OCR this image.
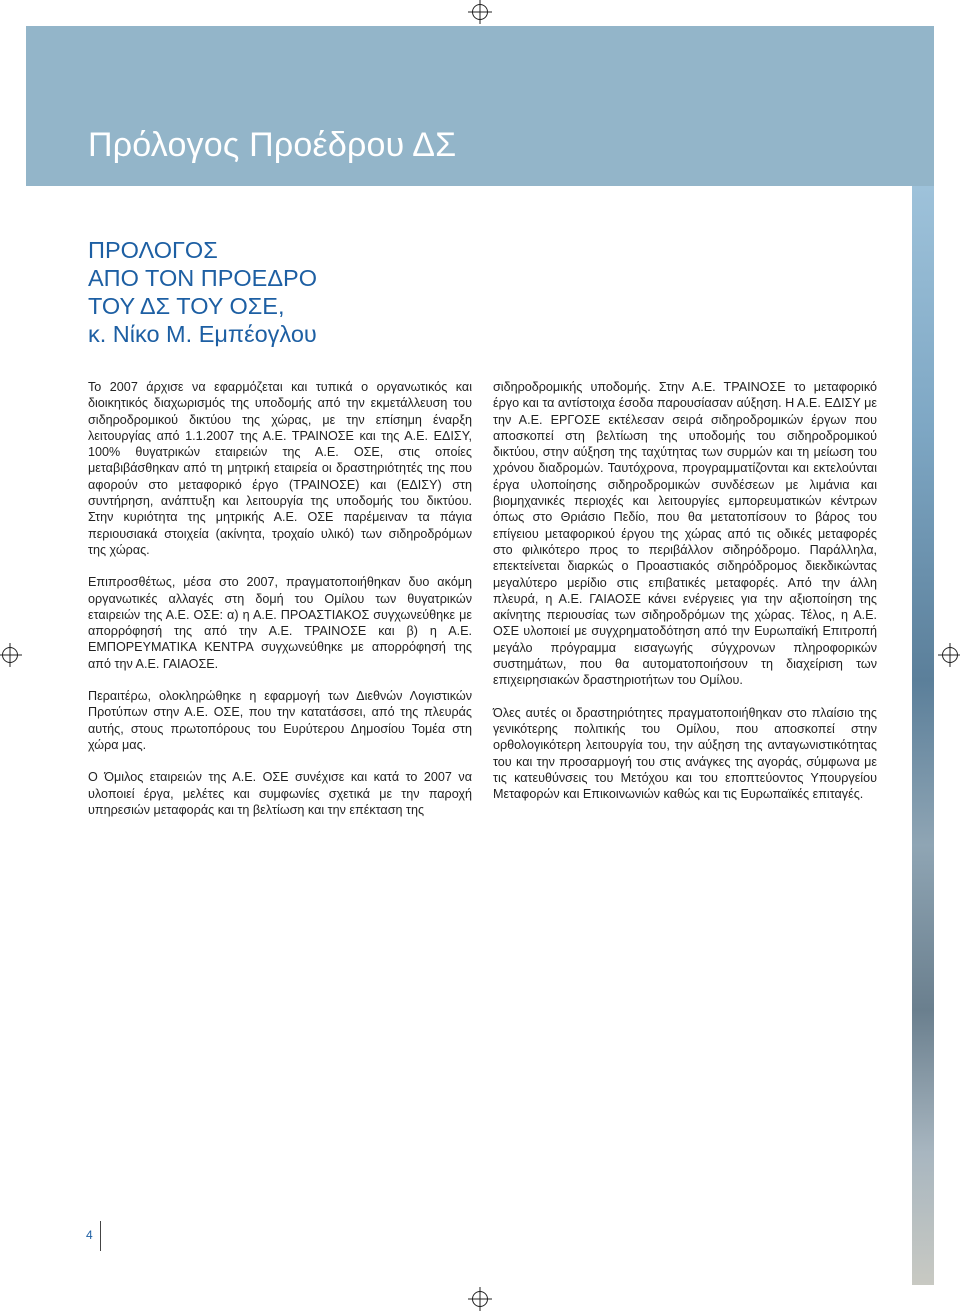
Πρόλογος Προέδρου ΔΣ
ΠΡΟΛΟΓΟΣ
ΑΠΟ ΤΟΝ ΠΡΟΕΔΡΟ
ΤΟΥ ΔΣ ΤΟΥ ΟΣΕ,
κ. Νίκο Μ. Εμπέογλου

Το 2007 άρχισε να εφαρμόζεται και τυπικά ο οργανωτικός και διοικητικός διαχωρισμός της υποδομής από την εκμετάλλευση του σιδηροδρομικού δικτύου της χώρας, με την επίσημη έναρξη λειτουργίας από 1.1.2007 της Α.Ε. ΤΡΑΙΝΟΣΕ και της Α.Ε. ΕΔΙΣΥ, 100% θυγατρικών εταιρειών της Α.Ε. ΟΣΕ, στις οποίες μεταβιβάσθηκαν από τη μητρική εταιρεία οι δραστηριότητές της που αφορούν στο μεταφορικό έργο (ΤΡΑΙΝΟΣΕ) και (ΕΔΙΣΥ) στη συντήρηση, ανάπτυξη και λειτουργία της υποδομής του δικτύου. Στην κυριότητα της μητρικής Α.Ε. ΟΣΕ παρέμειναν τα πάγια περιουσιακά στοιχεία (ακίνητα, τροχαίο υλικό) των σιδηροδρόμων της χώρας.

Επιπροσθέτως, μέσα στο 2007, πραγματοποιήθηκαν δυο ακόμη οργανωτικές αλλαγές στη δομή του Ομίλου των θυγατρικών εταιρειών της Α.Ε. ΟΣΕ: α) η Α.Ε. ΠΡΟΑΣΤΙΑΚΟΣ συγχωνεύθηκε με απορρόφησή της από την Α.Ε. ΤΡΑΙΝΟΣΕ και β) η Α.Ε. ΕΜΠΟΡΕΥΜΑΤΙΚΑ ΚΕΝΤΡΑ συγχωνεύθηκε με απορρόφησή της από την Α.Ε. ΓΑΙΑΟΣΕ.

Περαιτέρω, ολοκληρώθηκε η εφαρμογή των Διεθνών Λογιστικών Προτύπων στην Α.Ε. ΟΣΕ, που την κατατάσσει, από της πλευράς αυτής, στους πρωτοπόρους του Ευρύτερου Δημοσίου Τομέα στη χώρα μας.

Ο Όμιλος εταιρειών της Α.Ε. ΟΣΕ συνέχισε και κατά το 2007 να υλοποιεί έργα, μελέτες και συμφωνίες σχετικά με την παροχή υπηρεσιών μεταφοράς και τη βελτίωση και την επέκταση της

σιδηροδρομικής υποδομής. Στην Α.Ε. ΤΡΑΙΝΟΣΕ το μεταφορικό έργο και τα αντίστοιχα έσοδα παρουσίασαν αύξηση. Η Α.Ε. ΕΔΙΣΥ με την Α.Ε. ΕΡΓΟΣΕ εκτέλεσαν σειρά σιδηροδρομικών έργων που αποσκοπεί στη βελτίωση της υποδομής του σιδηροδρομικού δικτύου, στην αύξηση της ταχύτητας των συρμών και τη μείωση του χρόνου διαδρομών. Ταυτόχρονα, προγραμματίζονται και εκτελούνται έργα υλοποίησης σιδηροδρομικών συνδέσεων με λιμάνια και βιομηχανικές περιοχές και λειτουργίες εμπορευματικών κέντρων όπως στο Θριάσιο Πεδίο, που θα μετατοπίσουν το βάρος του επίγειου μεταφορικού έργου της χώρας από τις οδικές μεταφορές στο φιλικότερο προς το περιβάλλον σιδηρόδρομο. Παράλληλα, επεκτείνεται διαρκώς ο Προαστιακός σιδηρόδρομος διεκδικώντας μεγαλύτερο μερίδιο στις επιβατικές μεταφορές. Από την άλλη πλευρά, η Α.Ε. ΓΑΙΑΟΣΕ κάνει ενέργειες για την αξιοποίηση της ακίνητης περιουσίας των σιδηροδρόμων της χώρας. Τέλος, η Α.Ε. ΟΣΕ υλοποιεί με συγχρηματοδότηση από την Ευρωπαϊκή Επιτροπή μεγάλο πρόγραμμα εισαγωγής σύγχρονων πληροφορικών συστημάτων, που θα αυτοματοποιήσουν τη διαχείριση των επιχειρησιακών δραστηριοτήτων του Ομίλου.

Όλες αυτές οι δραστηριότητες πραγματοποιήθηκαν στο πλαίσιο της γενικότερης πολιτικής του Ομίλου, που αποσκοπεί στην ορθολογικότερη λειτουργία του, την αύξηση της ανταγωνιστικότητας του και την προσαρμογή του στις ανάγκες της αγοράς, σύμφωνα με τις κατευθύνσεις του Μετόχου και του εποπτεύοντος Υπουργείου Μεταφορών και Επικοινωνιών καθώς και τις Ευρωπαϊκές επιταγές.

4
